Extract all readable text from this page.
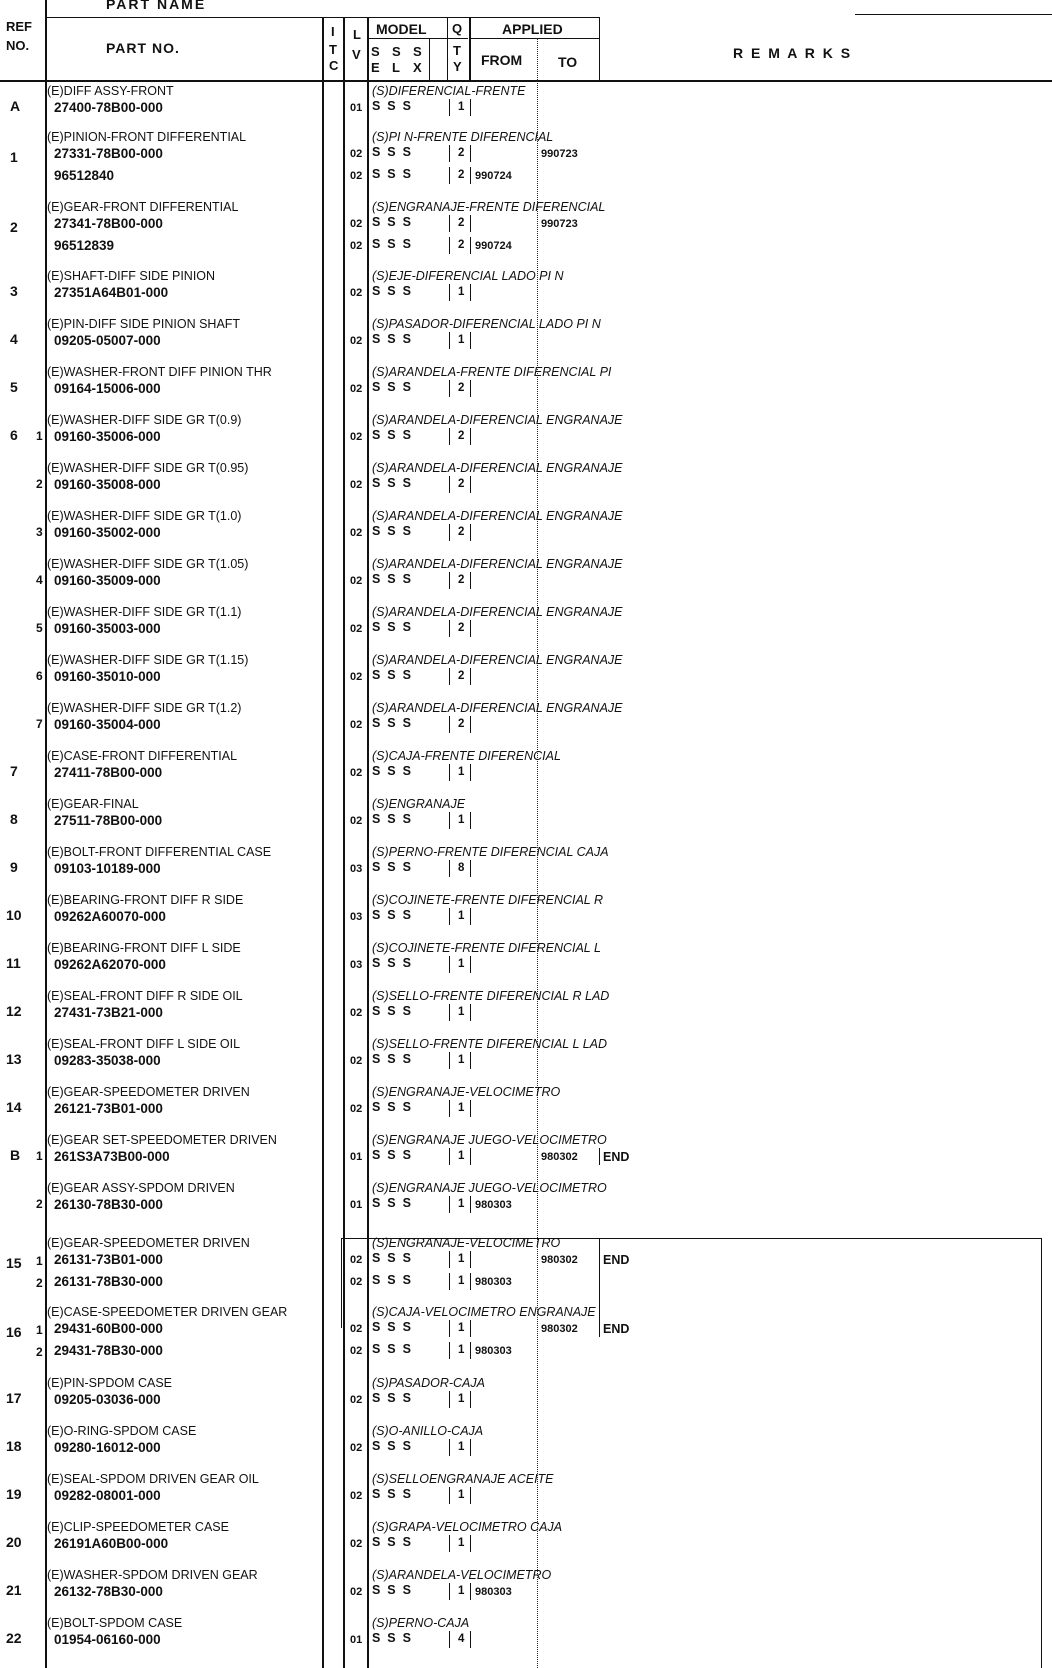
PART NAME
REF
NO.	PART NO.
I
T
C
L
V
MODEL
S E
S L
S X
Q
T
Y
APPLIED
FROM	TO
R E M A R K S
A
(E)DIFF ASSY-FRONT	(S)DIFERENCIAL-FRENTE
27400-78B00-000	01 S  S  S	1
1
(E)PINION-FRONT DIFFERENTIAL	(S)PI N-FRENTE DIFERENCIAL
27331-78B00-000	02 S  S  S	2	990723
96512840	02 S  S  S	2 990724
2
(E)GEAR-FRONT DIFFERENTIAL	(S)ENGRANAJE-FRENTE DIFERENCIAL
27341-78B00-000	02 S  S  S	2	990723
96512839	02 S  S  S	2 990724
3
(E)SHAFT-DIFF SIDE PINION	(S)EJE-DIFERENCIAL LADO PI N
27351A64B01-000	02 S  S  S	1
4
(E)PIN-DIFF SIDE PINION SHAFT	(S)PASADOR-DIFERENCIAL LADO PI N
09205-05007-000	02 S  S  S	1
5
(E)WASHER-FRONT DIFF PINION THR	(S)ARANDELA-FRENTE DIFERENCIAL PI
09164-15006-000	02 S  S  S	2
6 1
(E)WASHER-DIFF SIDE GR T(0.9)	(S)ARANDELA-DIFERENCIAL ENGRANAJE
09160-35006-000	02 S  S  S	2
2
(E)WASHER-DIFF SIDE GR T(0.95)	(S)ARANDELA-DIFERENCIAL ENGRANAJE
09160-35008-000	02 S  S  S	2
3
(E)WASHER-DIFF SIDE GR T(1.0)	(S)ARANDELA-DIFERENCIAL ENGRANAJE
09160-35002-000	02 S  S  S	2
4
(E)WASHER-DIFF SIDE GR T(1.05)	(S)ARANDELA-DIFERENCIAL ENGRANAJE
09160-35009-000	02 S  S  S	2
5
(E)WASHER-DIFF SIDE GR T(1.1)	(S)ARANDELA-DIFERENCIAL ENGRANAJE
09160-35003-000	02 S  S  S	2
6
(E)WASHER-DIFF SIDE GR T(1.15)	(S)ARANDELA-DIFERENCIAL ENGRANAJE
09160-35010-000	02 S  S  S	2
7
(E)WASHER-DIFF SIDE GR T(1.2)	(S)ARANDELA-DIFERENCIAL ENGRANAJE
09160-35004-000	02 S  S  S	2
7
(E)CASE-FRONT DIFFERENTIAL	(S)CAJA-FRENTE DIFERENCIAL
27411-78B00-000	02 S  S  S	1
8
(E)GEAR-FINAL	(S)ENGRANAJE
27511-78B00-000	02 S  S  S	1
9
(E)BOLT-FRONT DIFFERENTIAL CASE	(S)PERNO-FRENTE DIFERENCIAL CAJA
09103-10189-000	03 S  S  S	8
10
(E)BEARING-FRONT DIFF R SIDE	(S)COJINETE-FRENTE DIFERENCIAL R
09262A60070-000	03 S  S  S	1
11
(E)BEARING-FRONT DIFF L SIDE	(S)COJINETE-FRENTE DIFERENCIAL L
09262A62070-000	03 S  S  S	1
12
(E)SEAL-FRONT DIFF R SIDE OIL	(S)SELLO-FRENTE DIFERENCIAL R LAD
27431-73B21-000	02 S  S  S	1
13
(E)SEAL-FRONT DIFF L SIDE OIL	(S)SELLO-FRENTE DIFERENCIAL L LAD
09283-35038-000	02 S  S  S	1
14
(E)GEAR-SPEEDOMETER DRIVEN	(S)ENGRANAJE-VELOCIMETRO
26121-73B01-000	02 S  S  S	1
B 1
(E)GEAR SET-SPEEDOMETER DRIVEN	(S)ENGRANAJE JUEGO-VELOCIMETRO
261S3A73B00-000	01 S  S  S	1	980302 END
2
(E)GEAR ASSY-SPDOM DRIVEN	(S)ENGRANAJE JUEGO-VELOCIMETRO
26130-78B30-000	01 S  S  S	1 980303
15
(E)GEAR-SPEEDOMETER DRIVEN	(S)ENGRANAJE-VELOCIMETRO
1 26131-73B01-000	02 S  S  S	1	980302 END
2 26131-78B30-000	02 S  S  S	1 980303
16
(E)CASE-SPEEDOMETER DRIVEN GEAR	(S)CAJA-VELOCIMETRO ENGRANAJE
1 29431-60B00-000	02 S  S  S	1	980302 END
2 29431-78B30-000	02 S  S  S	1 980303
17
(E)PIN-SPDOM CASE	(S)PASADOR-CAJA
09205-03036-000	02 S  S  S	1
18
(E)O-RING-SPDOM CASE	(S)O-ANILLO-CAJA
09280-16012-000	02 S  S  S	1
19
(E)SEAL-SPDOM DRIVEN GEAR OIL	(S)SELLOENGRANAJE ACEITE
09282-08001-000	02 S  S  S	1
20
(E)CLIP-SPEEDOMETER CASE	(S)GRAPA-VELOCIMETRO CAJA
26191A60B00-000	02 S  S  S	1
21
(E)WASHER-SPDOM DRIVEN GEAR	(S)ARANDELA-VELOCIMETRO
26132-78B30-000	02 S  S  S	1 980303
22
(E)BOLT-SPDOM CASE	(S)PERNO-CAJA
01954-06160-000	01 S  S  S	4
